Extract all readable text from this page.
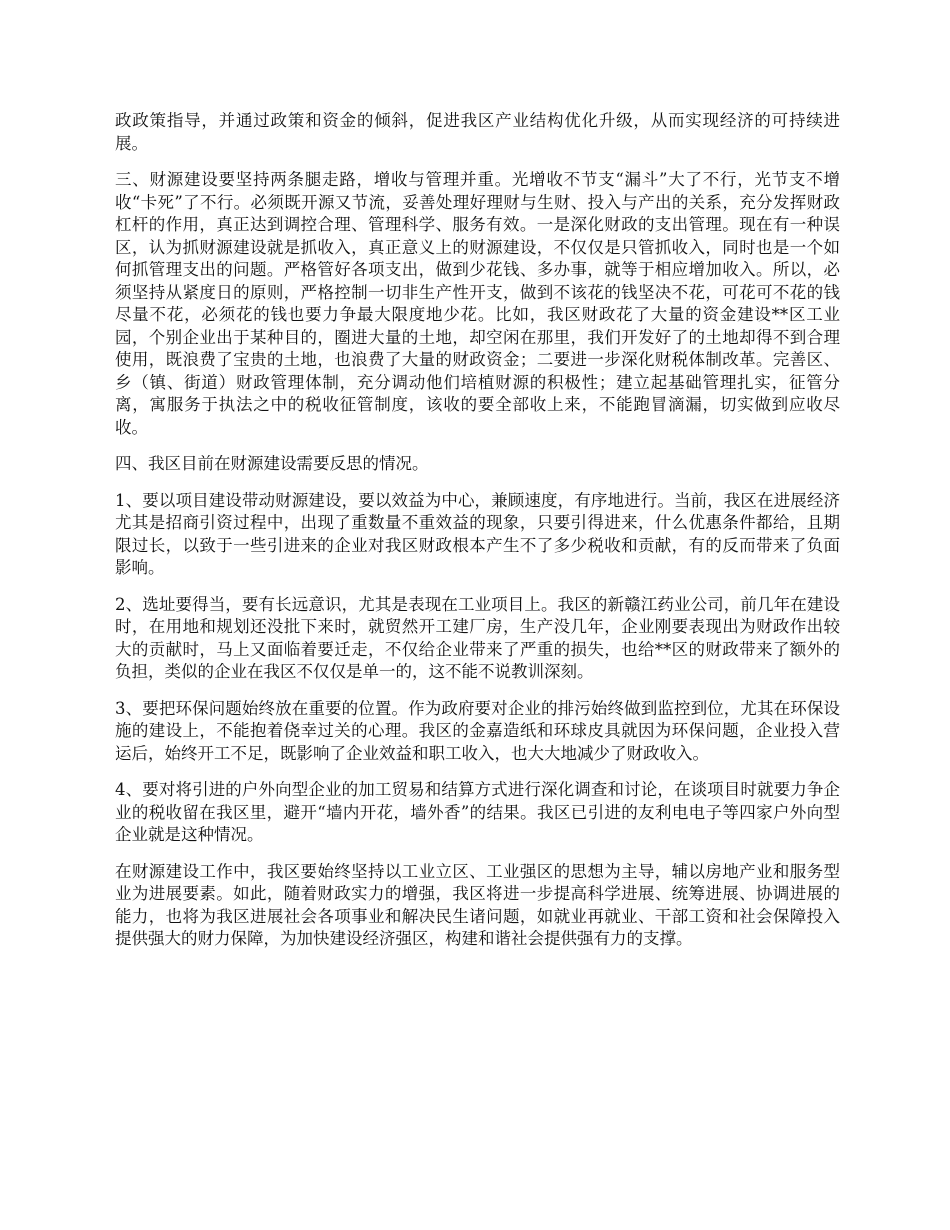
政政策指导，并通过政策和资金的倾斜，促进我区产业结构优化升级，从而实现经济的可持续进展。

三、财源建设要坚持两条腿走路，增收与管理并重。光增收不节支“漏斗”大了不行，光节支不增收“卡死”了不行。必须既开源又节流，妥善处理好理财与生财、投入与产出的关系，充分发挥财政杠杆的作用，真正达到调控合理、管理科学、服务有效。一是深化财政的支出管理。现在有一种误区，认为抓财源建设就是抓收入，真正意义上的财源建设，不仅仅是只管抓收入，同时也是一个如何抓管理支出的问题。严格管好各项支出，做到少花钱、多办事，就等于相应增加收入。所以，必须坚持从紧度日的原则，严格控制一切非生产性开支，做到不该花的钱坚决不花，可花可不花的钱尽量不花，必须花的钱也要力争最大限度地少花。比如，我区财政花了大量的资金建设**区工业园，个别企业出于某种目的，圈进大量的土地，却空闲在那里，我们开发好了的土地却得不到合理使用，既浪费了宝贵的土地，也浪费了大量的财政资金；二要进一步深化财税体制改革。完善区、乡（镇、街道）财政管理体制，充分调动他们培植财源的积极性；建立起基础管理扎实，征管分离，寓服务于执法之中的税收征管制度，该收的要全部收上来，不能跑冒滴漏，切实做到应收尽收。

四、我区目前在财源建设需要反思的情况。

1、要以项目建设带动财源建设，要以效益为中心，兼顾速度，有序地进行。当前，我区在进展经济尤其是招商引资过程中，出现了重数量不重效益的现象，只要引得进来，什么优惠条件都给，且期限过长，以致于一些引进来的企业对我区财政根本产生不了多少税收和贡献，有的反而带来了负面影响。

2、选址要得当，要有长远意识，尤其是表现在工业项目上。我区的新赣江药业公司，前几年在建设时，在用地和规划还没批下来时，就贸然开工建厂房，生产没几年，企业刚要表现出为财政作出较大的贡献时，马上又面临着要迁走，不仅给企业带来了严重的损失，也给**区的财政带来了额外的负担，类似的企业在我区不仅仅是单一的，这不能不说教训深刻。

3、要把环保问题始终放在重要的位置。作为政府要对企业的排污始终做到监控到位，尤其在环保设施的建设上，不能抱着侥幸过关的心理。我区的金嘉造纸和环球皮具就因为环保问题，企业投入营运后，始终开工不足，既影响了企业效益和职工收入，也大大地减少了财政收入。

4、要对将引进的户外向型企业的加工贸易和结算方式进行深化调查和讨论，在谈项目时就要力争企业的税收留在我区里，避开“墙内开花，墙外香”的结果。我区已引进的友利电电子等四家户外向型企业就是这种情况。

在财源建设工作中，我区要始终坚持以工业立区、工业强区的思想为主导，辅以房地产业和服务型业为进展要素。如此，随着财政实力的增强，我区将进一步提高科学进展、统筹进展、协调进展的能力，也将为我区进展社会各项事业和解决民生诸问题，如就业再就业、干部工资和社会保障投入提供强大的财力保障，为加快建设经济强区，构建和谐社会提供强有力的支撑。
